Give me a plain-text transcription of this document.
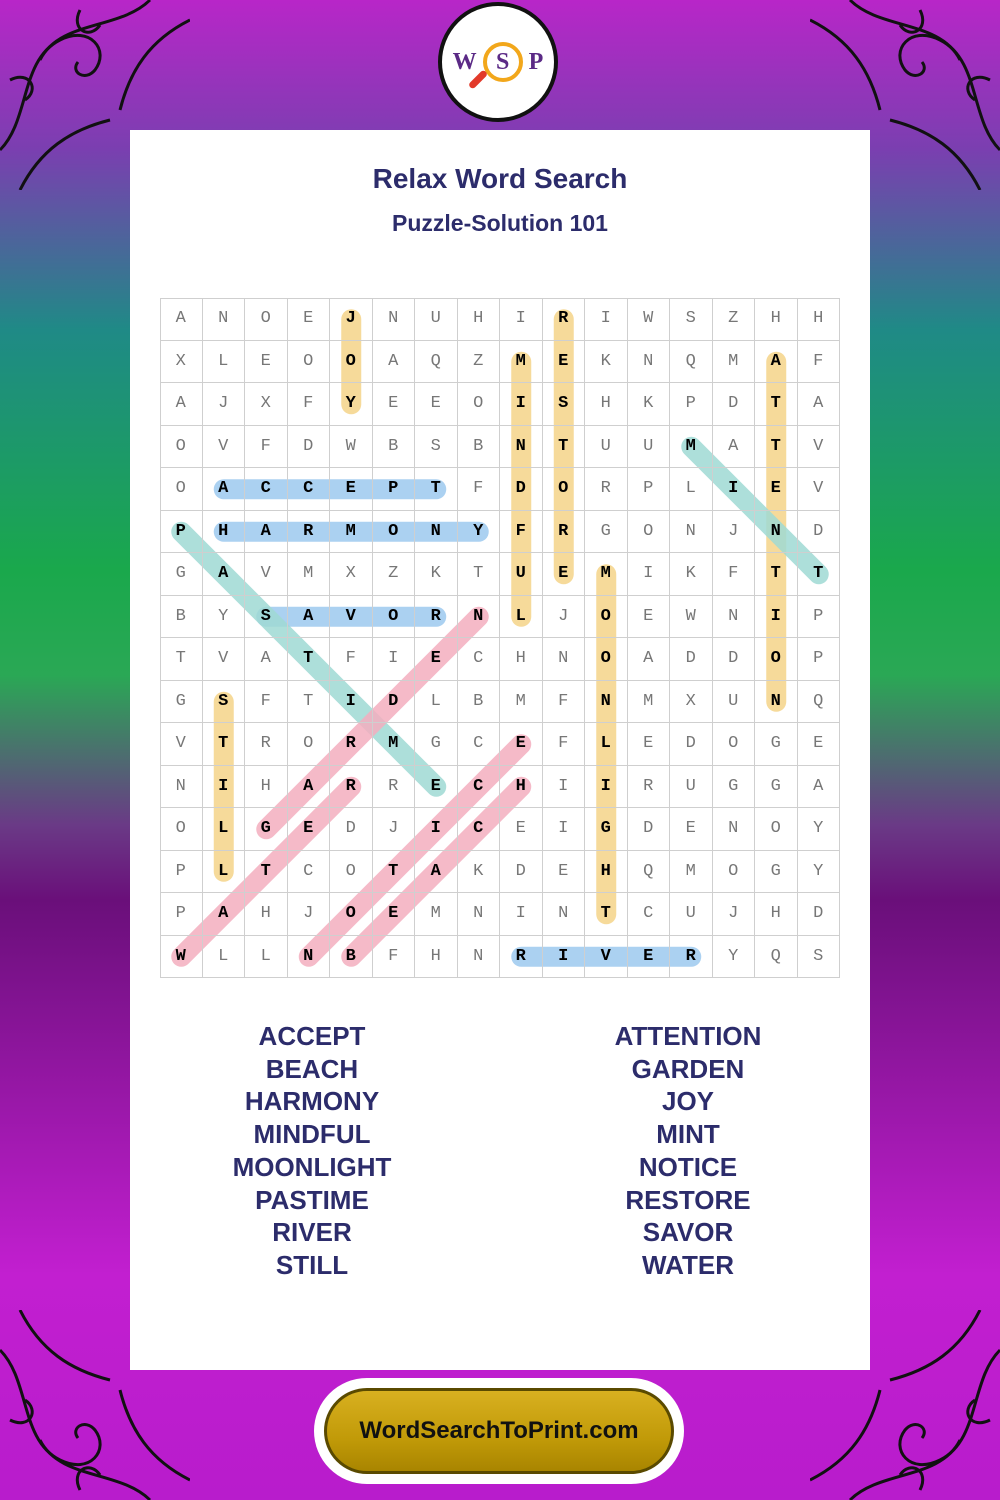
W S P
Relax Word Search
Puzzle-Solution 101
A	N	O	E	J	N	U	H	I	R	I	W	S	Z	H	H
X	L	E	O	O	A	Q	Z	M	E	K	N	Q	M	A	F
A	J	X	F	Y	E	E	O	I	S	H	K	P	D	T	A
O	V	F	D	W	B	S	B	N	T	U	U	M	A	T	V
O	A	C	C	E	P	T	F	D	O	R	P	L	I	E	V
P	H	A	R	M	O	N	Y	F	R	G	O	N	J	N	D
G	A	V	M	X	Z	K	T	U	E	M	I	K	F	T	T
B	Y	S	A	V	O	R	N	L	J	O	E	W	N	I	P
T	V	A	T	F	I	E	C	H	N	O	A	D	D	O	P
G	S	F	T	I	D	L	B	M	F	N	M	X	U	N	Q
V	T	R	O	R	M	G	C	E	F	L	E	D	O	G	E
N	I	H	A	R	R	E	C	H	I	I	R	U	G	G	A
O	L	G	E	D	J	I	C	E	I	G	D	E	N	O	Y
P	L	T	C	O	T	A	K	D	E	H	Q	M	O	G	Y
P	A	H	J	O	E	M	N	I	N	T	C	U	J	H	D
W	L	L	N	B	F	H	N	R	I	V	E	R	Y	Q	S
ACCEPT
BEACH
HARMONY
MINDFUL
MOONLIGHT
PASTIME
RIVER
STILL
ATTENTION
GARDEN
JOY
MINT
NOTICE
RESTORE
SAVOR
WATER
WordSearchToPrint.com
